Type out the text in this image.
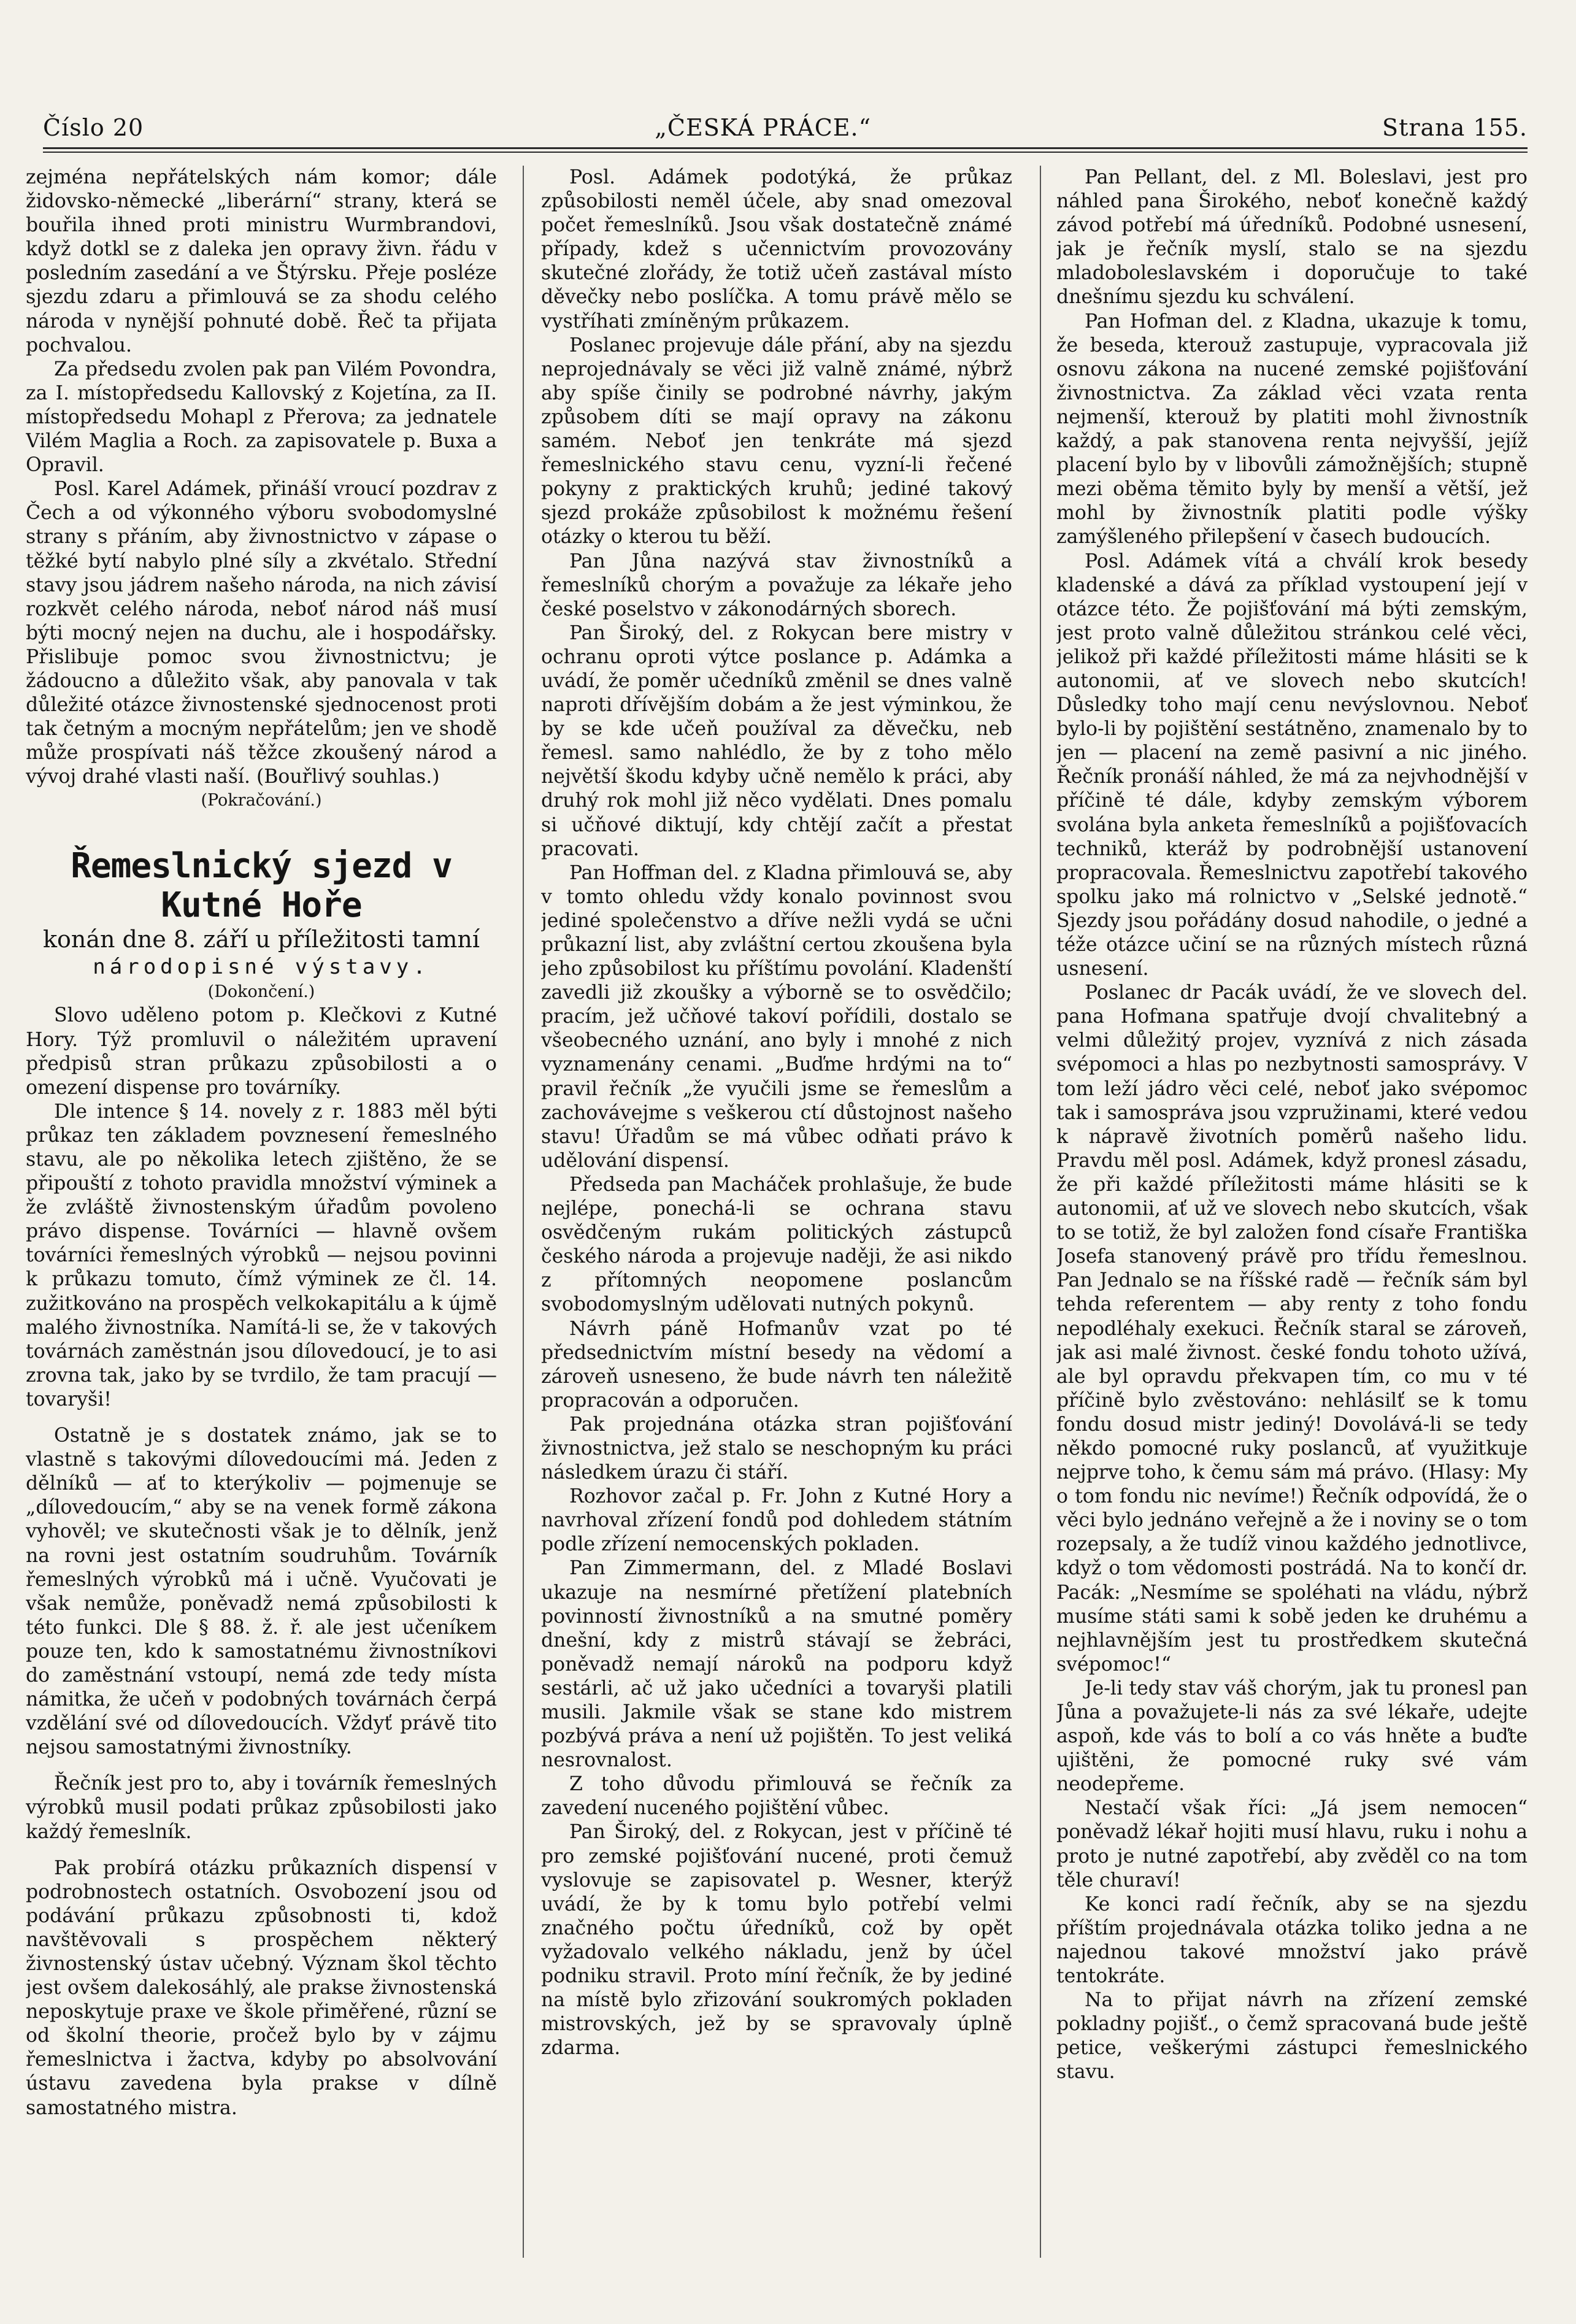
Číslo 20	„ČESKÁ PRÁCE.“	Strana 155.

zejména nepřátelských nám komor; dále židovsko-německé „liberární“ strany, která se bouřila ihned proti ministru Wurmbrandovi, když dotkl se z daleka jen opravy živn. řádu v posledním zasedání a ve Štýrsku. Přeje posléze sjezdu zdaru a přimlouvá se za shodu celého národa v nynější pohnuté době. Řeč ta přijata pochvalou.

Za předsedu zvolen pak pan Vilém Povondra, za I. místopředsedu Kallovský z Kojetína, za II. místopředsedu Mohapl z Přerova; za jednatele Vilém Maglia a Roch. za zapisovatele p. Buxa a Opravil.

Posl. Karel Adámek, přináší vroucí pozdrav z Čech a od výkonného výboru svobodomyslné strany s přáním, aby živnostnictvo v zápase o těžké bytí nabylo plné síly a zkvétalo. Střední stavy jsou jádrem našeho národa, na nich závisí rozkvět celého národa, neboť národ náš musí býti mocný nejen na duchu, ale i hospodářsky. Přislibuje pomoc svou živnostnictvu; je žádoucno a důležito však, aby panovala v tak důležité otázce živnostenské sjednocenost proti tak četným a mocným nepřátelům; jen ve shodě může prospívati náš těžce zkoušený národ a vývoj drahé vlasti naší. (Bouřlivý souhlas.)

(Pokračování.)

Řemeslnický sjezd v Kutné Hoře
konán dne 8. září u příležitosti tamní
národopisné výstavy.

(Dokončení.)

Slovo uděleno potom p. Klečkovi z Kutné Hory. Týž promluvil o náležitém upravení předpisů stran průkazu způsobilosti a o omezení dispense pro továrníky.

Dle intence § 14. novely z r. 1883 měl býti průkaz ten základem povznesení řemeslného stavu, ale po několika letech zjištěno, že se připouští z tohoto pravidla množství výminek a že zvláště živnostenským úřadům povoleno právo dispense. Továrníci — hlavně ovšem továrníci řemeslných výrobků — nejsou povinni k průkazu tomuto, čímž výminek ze čl. 14. zužitkováno na prospěch velkokapitálu a k újmě malého živnostníka. Namítá-li se, že v takových továrnách zaměstnán jsou dílovedoucí, je to asi zrovna tak, jako by se tvrdilo, že tam pracují — tovaryši!

Ostatně je s dostatek známo, jak se to vlastně s takovými dílovedoucími má. Jeden z dělníků — ať to kterýkoliv — pojmenuje se „dílovedoucím,“ aby se na venek formě zákona vyhověl; ve skutečnosti však je to dělník, jenž na rovni jest ostatním soudruhům. Továrník řemeslných výrobků má i učně. Vyučovati je však nemůže, poněvadž nemá způsobilosti k této funkci. Dle § 88. ž. ř. ale jest učeníkem pouze ten, kdo k samostatnému živnostníkovi do zaměstnání vstoupí, nemá zde tedy místa námitka, že učeň v podobných továrnách čerpá vzdělání své od dílovedoucích. Vždyť právě tito nejsou samostatnými živnostníky.

Řečník jest pro to, aby i továrník řemeslných výrobků musil podati průkaz způsobilosti jako každý řemeslník.

Pak probírá otázku průkazních dispensí v podrobnostech ostatních. Osvobození jsou od podávání průkazu způsobnosti ti, kdož navštěvovali s prospěchem některý živnostenský ústav učebný. Význam škol těchto jest ovšem dalekosáhlý, ale prakse živnostenská neposkytuje praxe ve škole přiměřené, různí se od školní theorie, pročež bylo by v zájmu řemeslnictva i žactva, kdyby po absolvování ústavu zavedena byla prakse v dílně samostatného mistra.

Posl. Adámek podotýká, že průkaz způsobilosti neměl účele, aby snad omezoval počet řemeslníků. Jsou však dostatečně známé případy, kdež s učennictvím provozovány skutečné zlořády, že totiž učeň zastával místo děvečky nebo poslíčka. A tomu právě mělo se vystříhati zmíněným průkazem.

Poslanec projevuje dále přání, aby na sjezdu neprojednávaly se věci již valně známé, nýbrž aby spíše činily se podrobné návrhy, jakým způsobem díti se mají opravy na zákonu samém. Neboť jen tenkráte má sjezd řemeslnického stavu cenu, vyzní-li řečené pokyny z praktických kruhů; jediné takový sjezd prokáže způsobilost k možnému řešení otázky o kterou tu běží.

Pan Jůna nazývá stav živnostníků a řemeslníků chorým a považuje za lékaře jeho české poselstvo v zákonodárných sborech.

Pan Široký, del. z Rokycan bere mistry v ochranu oproti výtce poslance p. Adámka a uvádí, že poměr učedníků změnil se dnes valně naproti dřívějším dobám a že jest výminkou, že by se kde učeň používal za děvečku, neb řemesl. samo nahlédlo, že by z toho mělo největší škodu kdyby učně nemělo k práci, aby druhý rok mohl již něco vydělati. Dnes pomalu si učňové diktují, kdy chtějí začít a přestat pracovati.

Pan Hoffman del. z Kladna přimlouvá se, aby v tomto ohledu vždy konalo povinnost svou jediné společenstvo a dříve nežli vydá se učni průkazní list, aby zvláštní certou zkoušena byla jeho způsobilost ku příštímu povolání. Kladenští zavedli již zkoušky a výborně se to osvědčilo; pracím, jež učňové takoví pořídili, dostalo se všeobecného uznání, ano byly i mnohé z nich vyznamenány cenami. „Buďme hrdými na to“ pravil řečník „že vyučili jsme se řemeslům a zachovávejme s veškerou ctí důstojnost našeho stavu! Úřadům se má vůbec odňati právo k udělování dispensí.

Předseda pan Macháček prohlašuje, že bude nejlépe, ponechá-li se ochrana stavu osvědčeným rukám politických zástupců českého národa a projevuje naději, že asi nikdo z přítomných neopomene poslancům svobodomyslným udělovati nutných pokynů.

Návrh páně Hofmanův vzat po té předsednictvím místní besedy na vědomí a zároveň usneseno, že bude návrh ten náležitě propracován a odporučen.

Pak projednána otázka stran pojišťování živnostnictva, jež stalo se neschopným ku práci následkem úrazu či stáří.

Rozhovor začal p. Fr. John z Kutné Hory a navrhoval zřízení fondů pod dohledem státním podle zřízení nemocenských pokladen.

Pan Zimmermann, del. z Mladé Boslavi ukazuje na nesmírné přetížení platebních povinností živnostníků a na smutné poměry dnešní, kdy z mistrů stávají se žebráci, poněvadž nemají nároků na podporu když sestárli, ač už jako učedníci a tovaryši platili musili. Jakmile však se stane kdo mistrem pozbývá práva a není už pojištěn. To jest veliká nesrovnalost.

Z toho důvodu přimlouvá se řečník za zavedení nuceného pojištění vůbec.

Pan Široký, del. z Rokycan, jest v příčině té pro zemské pojišťování nucené, proti čemuž vyslovuje se zapisovatel p. Wesner, kterýž uvádí, že by k tomu bylo potřebí velmi značného počtu úředníků, což by opět vyžadovalo velkého nákladu, jenž by účel podniku stravil. Proto míní řečník, že by jediné na místě bylo zřizování soukromých pokladen mistrovských, jež by se spravovaly úplně zdarma.

Pan Pellant, del. z Ml. Boleslavi, jest pro náhled pana Širokého, neboť konečně každý závod potřebí má úředníků. Podobné usnesení, jak je řečník myslí, stalo se na sjezdu mladoboleslavském i doporučuje to také dnešnímu sjezdu ku schválení.

Pan Hofman del. z Kladna, ukazuje k tomu, že beseda, kterouž zastupuje, vypracovala již osnovu zákona na nucené zemské pojišťování živnostnictva. Za základ věci vzata renta nejmenší, kterouž by platiti mohl živnostník každý, a pak stanovena renta nejvyšší, jejíž placení bylo by v libovůli zámožnějších; stupně mezi oběma těmito byly by menší a větší, jež mohl by živnostník platiti podle výšky zamýšleného přilepšení v časech budoucích.

Posl. Adámek vítá a chválí krok besedy kladenské a dává za příklad vystoupení její v otázce této. Že pojišťování má býti zemským, jest proto valně důležitou stránkou celé věci, jelikož při každé příležitosti máme hlásiti se k autonomii, ať ve slovech nebo skutcích! Důsledky toho mají cenu nevýslovnou. Neboť bylo-li by pojištění sestátněno, znamenalo by to jen — placení na země pasivní a nic jiného. Řečník pronáší náhled, že má za nejvhodnější v příčině té dále, kdyby zemským výborem svolána byla anketa řemeslníků a pojišťovacích techniků, kteráž by podrobnější ustanovení propracovala. Řemeslnictvu zapotřebí takového spolku jako má rolnictvo v „Selské jednotě.“ Sjezdy jsou pořádány dosud nahodile, o jedné a téže otázce učiní se na různých místech různá usnesení.

Poslanec dr Pacák uvádí, že ve slovech del. pana Hofmana spatřuje dvojí chvalitebný a velmi důležitý projev, vyznívá z nich zásada svépomoci a hlas po nezbytnosti samosprávy. V tom leží jádro věci celé, neboť jako svépomoc tak i samospráva jsou vzpružinami, které vedou k nápravě životních poměrů našeho lidu. Pravdu měl posl. Adámek, když pronesl zásadu, že při každé příležitosti máme hlásiti se k autonomii, ať už ve slovech nebo skutcích, však to se totiž, že byl založen fond císaře Františka Josefa stanovený právě pro třídu řemeslnou. Pan Jednalo se na říšské radě — řečník sám byl tehda referentem — aby renty z toho fondu nepodléhaly exekuci. Řečník staral se zároveň, jak asi malé živnost. české fondu tohoto užívá, ale byl opravdu překvapen tím, co mu v té příčině bylo zvěstováno: nehlásilť se k tomu fondu dosud mistr jediný! Dovolává-li se tedy někdo pomocné ruky poslanců, ať využitkuje nejprve toho, k čemu sám má právo. (Hlasy: My o tom fondu nic nevíme!) Řečník odpovídá, že o věci bylo jednáno veřejně a že i noviny se o tom rozepsaly, a že tudíž vinou každého jednotlivce, když o tom vědomosti postrádá. Na to končí dr. Pacák: „Nesmíme se spoléhati na vládu, nýbrž musíme státi sami k sobě jeden ke druhému a nejhlavnějším jest tu prostředkem skutečná svépomoc!“

Je-li tedy stav váš chorým, jak tu pronesl pan Jůna a považujete-li nás za své lékaře, udejte aspoň, kde vás to bolí a co vás hněte a buďte ujištěni, že pomocné ruky své vám neodepřeme.

Nestačí však říci: „Já jsem nemocen“ poněvadž lékař hojiti musí hlavu, ruku i nohu a proto je nutné zapotřebí, aby zvěděl co na tom těle churaví!

Ke konci radí řečník, aby se na sjezdu příštím projednávala otázka toliko jedna a ne najednou takové množství jako právě tentokráte.

Na to přijat návrh na zřízení zemské pokladny pojišť., o čemž spracovaná bude ještě petice, veškerými zástupci řemeslnického stavu.
